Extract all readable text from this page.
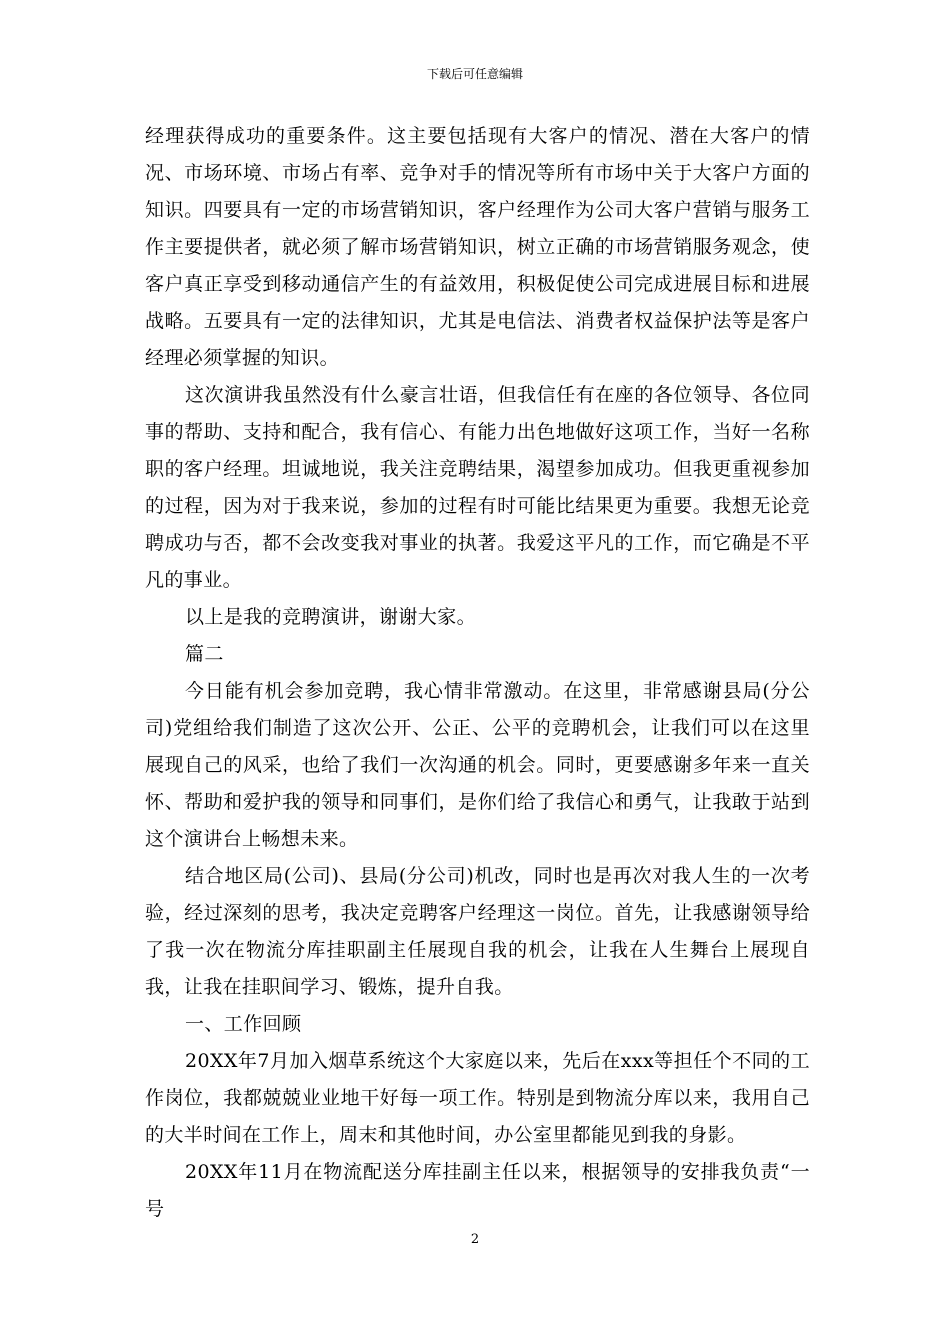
下载后可任意编辑

经理获得成功的重要条件。这主要包括现有大客户的情况、潜在大客户的情况、市场环境、市场占有率、竞争对手的情况等所有市场中关于大客户方面的知识。四要具有一定的市场营销知识，客户经理作为公司大客户营销与服务工作主要提供者，就必须了解市场营销知识，树立正确的市场营销服务观念，使客户真正享受到移动通信产生的有益效用，积极促使公司完成进展目标和进展战略。五要具有一定的法律知识，尤其是电信法、消费者权益保护法等是客户经理必须掌握的知识。

这次演讲我虽然没有什么豪言壮语，但我信任有在座的各位领导、各位同事的帮助、支持和配合，我有信心、有能力出色地做好这项工作，当好一名称职的客户经理。坦诚地说，我关注竞聘结果，渴望参加成功。但我更重视参加的过程，因为对于我来说，参加的过程有时可能比结果更为重要。我想无论竞聘成功与否，都不会改变我对事业的执著。我爱这平凡的工作，而它确是不平凡的事业。

以上是我的竞聘演讲，谢谢大家。

篇二

今日能有机会参加竞聘，我心情非常激动。在这里，非常感谢县局(分公司)党组给我们制造了这次公开、公正、公平的竞聘机会，让我们可以在这里展现自己的风采，也给了我们一次沟通的机会。同时，更要感谢多年来一直关怀、帮助和爱护我的领导和同事们，是你们给了我信心和勇气，让我敢于站到这个演讲台上畅想未来。

结合地区局(公司)、县局(分公司)机改，同时也是再次对我人生的一次考验，经过深刻的思考，我决定竞聘客户经理这一岗位。首先，让我感谢领导给了我一次在物流分库挂职副主任展现自我的机会，让我在人生舞台上展现自我，让我在挂职间学习、锻炼，提升自我。

一、工作回顾

20XX年7月加入烟草系统这个大家庭以来，先后在xxx等担任个不同的工作岗位，我都兢兢业业地干好每一项工作。特别是到物流分库以来，我用自己的大半时间在工作上，周末和其他时间，办公室里都能见到我的身影。

20XX年11月在物流配送分库挂副主任以来，根据领导的安排我负责“一号

2
